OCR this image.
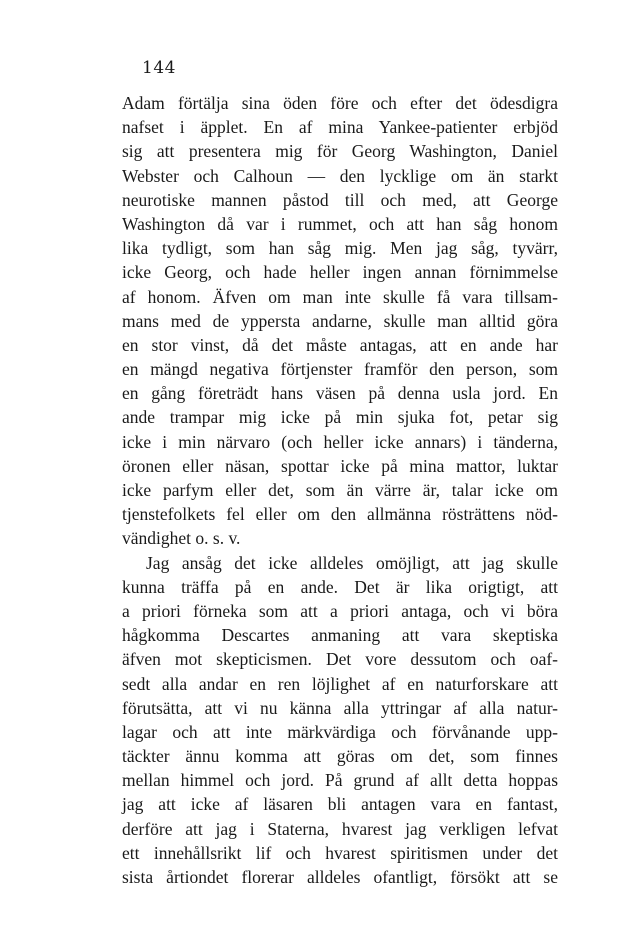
144
Adam förtälja sina öden före och efter det ödesdigra
nafset i äpplet. En af mina Yankee-patienter erbjöd
sig att presentera mig för Georg Washington, Daniel
Webster och Calhoun — den lycklige om än starkt
neurotiske mannen påstod till och med, att George
Washington då var i rummet, och att han såg honom
lika tydligt, som han såg mig. Men jag såg, tyvärr,
icke Georg, och hade heller ingen annan förnimmelse
af honom. Äfven om man inte skulle få vara tillsam-
mans med de yppersta andarne, skulle man alltid göra
en stor vinst, då det måste antagas, att en ande har
en mängd negativa förtjenster framför den person, som
en gång företrädt hans väsen på denna usla jord. En
ande trampar mig icke på min sjuka fot, petar sig
icke i min närvaro (och heller icke annars) i tänderna,
öronen eller näsan, spottar icke på mina mattor, luktar
icke parfym eller det, som än värre är, talar icke om
tjenstefolkets fel eller om den allmänna rösträttens nöd-
vändighet o. s. v.
Jag ansåg det icke alldeles omöjligt, att jag skulle
kunna träffa på en ande. Det är lika origtigt, att
a priori förneka som att a priori antaga, och vi böra
hågkomma Descartes anmaning att vara skeptiska
äfven mot skepticismen. Det vore dessutom och oaf-
sedt alla andar en ren löjlighet af en naturforskare att
förutsätta, att vi nu känna alla yttringar af alla natur-
lagar och att inte märkvärdiga och förvånande upp-
täckter ännu komma att göras om det, som finnes
mellan himmel och jord. På grund af allt detta hoppas
jag att icke af läsaren bli antagen vara en fantast,
derföre att jag i Staterna, hvarest jag verkligen lefvat
ett innehållsrikt lif och hvarest spiritismen under det
sista årtiondet florerar alldeles ofantligt, försökt att se
